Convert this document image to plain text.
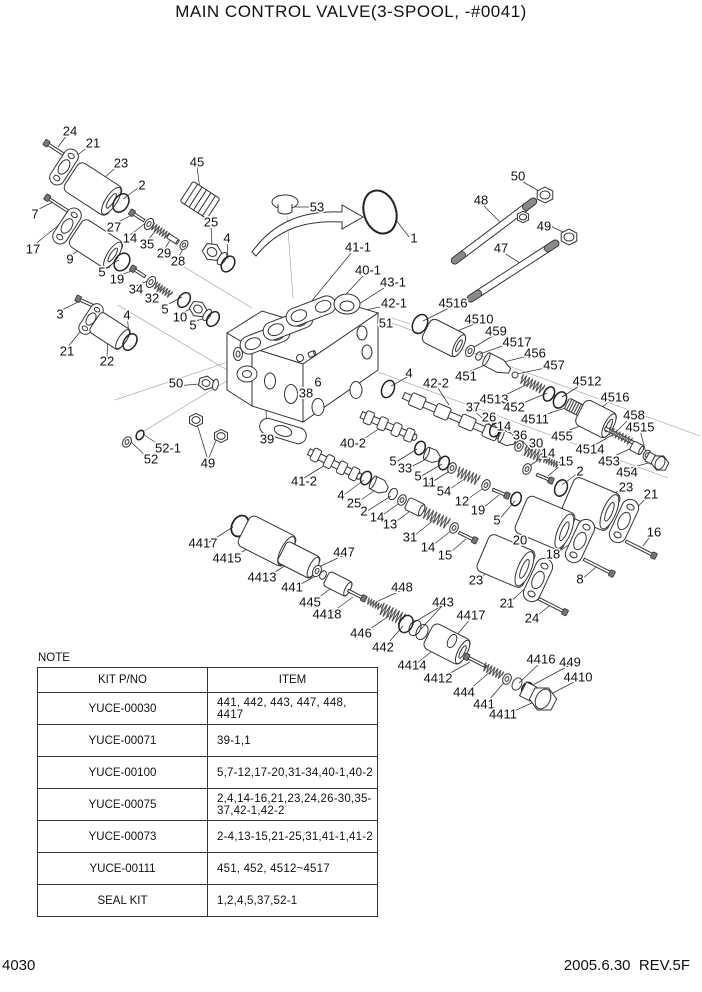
MAIN CONTROL VALVE(3-SPOOL, -#0041)
24
21
23
2
45
7
17
27
14 35
29
28
25
4
9
5 19
34
32
5
10
5
3
21
22
4
53
1
41-1
40-1
43-1
42-1
51
50
48
49
47
4516
4510
459
4517
456
457
451
42-2
4
4513
452
4511
4512
4516
458
4515
455
4514
453
454
37
26
14
36
30
14
15
2
23 21
16
38
6
39	40-2
41-2
5 33
5 11
54
12
19
5
4
25
2 14
13
31
14
15
20
18
8
23
21
24
50
52-1
52	49
4417
4415
4413
441
445
4418
447
448
446
442
443
4417
4414
4412
444
441
4411
4416 449
4410
NOTE
KIT P/NO	ITEM
YUCE-00030	441, 442, 443, 447, 448, 4417
YUCE-00071	39-1,1
YUCE-00100	5,7-12,17-20,31-34,40-1,40-2
YUCE-00075	2,4,14-16,21,23,24,26-30,35-37,42-1,42-2
YUCE-00073	2-4,13-15,21-25,31,41-1,41-2
YUCE-00111	451, 452, 4512~4517
SEAL KIT	1,2,4,5,37,52-1
4030	2005.6.30  REV.5F
